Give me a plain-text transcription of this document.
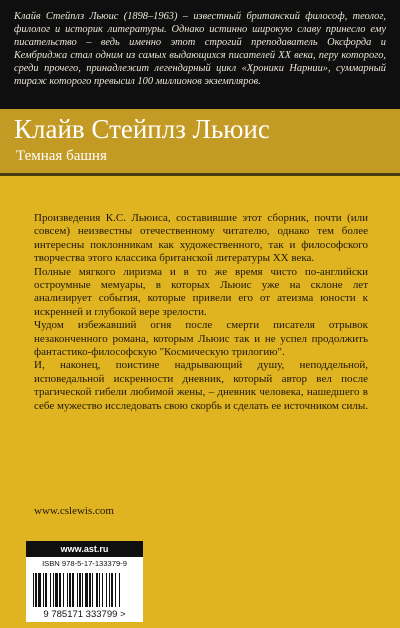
Клайв Стейплз Льюис (1898–1963) – известный британский философ, теолог, филолог и историк литературы. Однако истинно широкую славу принесло ему писательство – ведь именно этот строгий преподаватель Оксфорда и Кембриджа стал одним из самых выдающихся писателей XX века, перу которого, среди прочего, принадлежит легендарный цикл «Хроники Нарнии», суммарный тираж которого превысил 100 миллионов экземпляров.

Клайв Стейплз Льюис
Темная башня

Произведения К.С. Льюиса, составившие этот сборник, почти (или совсем) неизвестны отечественному читателю, однако тем более интересны поклонникам как художественного, так и философского творчества этого классика британской литературы XX века.

Полные мягкого лиризма и в то же время чисто по-английски остроумные мемуары, в которых Льюис уже на склоне лет анализирует события, которые привели его от атеизма юности к искренней и глубокой вере зрелости.

Чудом избежавший огня после смерти писателя отрывок незаконченного романа, которым Льюис так и не успел продолжить фантастико-философскую "Космическую трилогию".

И, наконец, поистине надрывающий душу, неподдельной, исповедальной искренности дневник, который автор вел после трагической гибели любимой жены, – дневник человека, нашедшего в себе мужество исследовать свою скорбь и сделать ее источником силы.

www.cslewis.com
www.ast.ru
ISBN 978-5-17-133379-9
9 785171 333799 >
